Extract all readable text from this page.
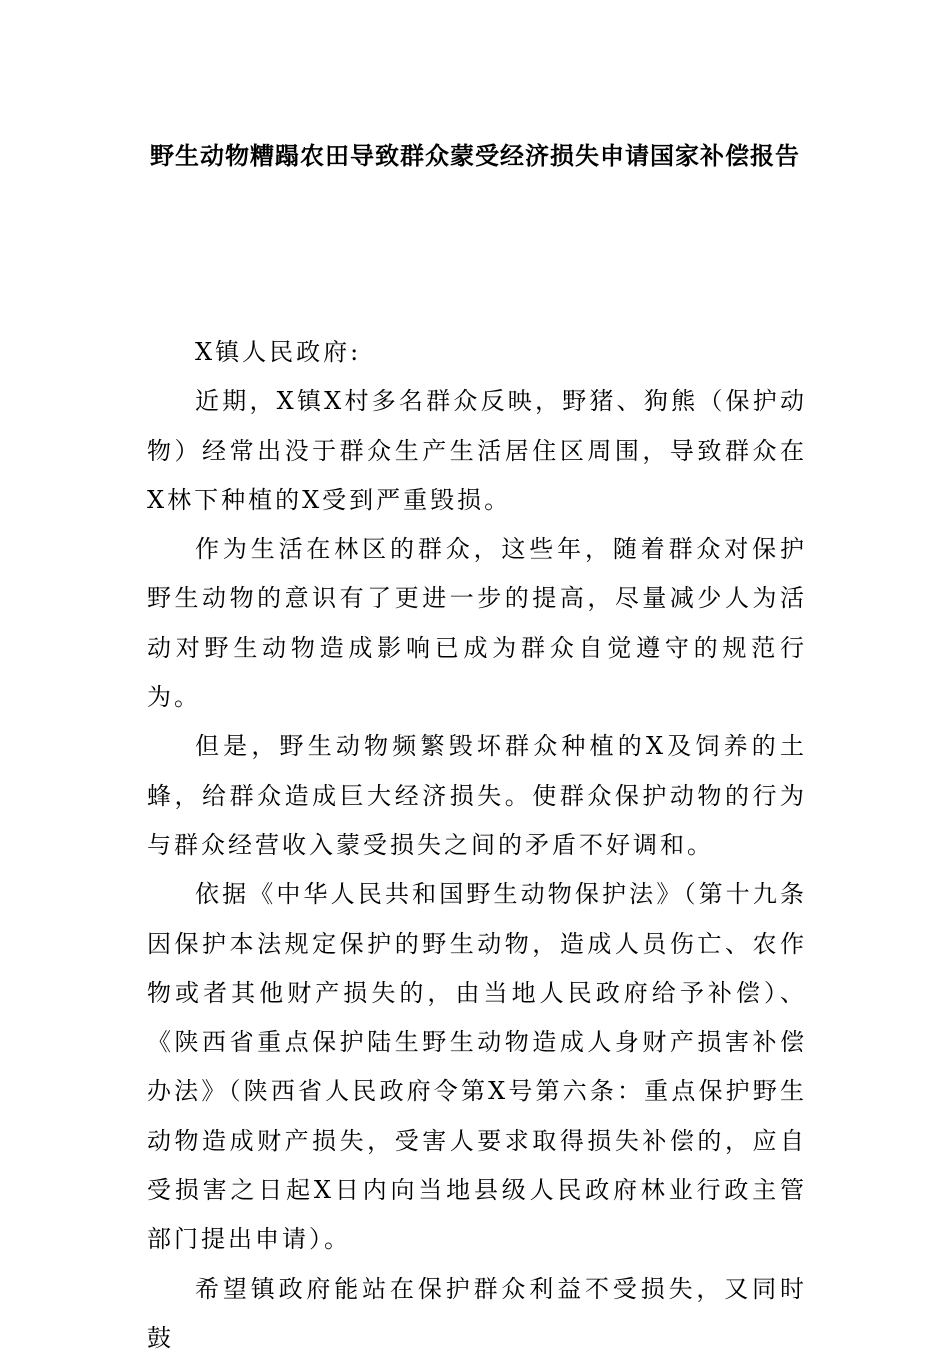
野生动物糟蹋农田导致群众蒙受经济损失申请国家补偿报告

X镇人民政府:

近期，X镇X村多名群众反映，野猪、狗熊（保护动物）经常出没于群众生产生活居住区周围，导致群众在X林下种植的X受到严重毁损。

作为生活在林区的群众，这些年，随着群众对保护野生动物的意识有了更进一步的提高，尽量减少人为活动对野生动物造成影响已成为群众自觉遵守的规范行为。

但是，野生动物频繁毁坏群众种植的X及饲养的土蜂，给群众造成巨大经济损失。使群众保护动物的行为与群众经营收入蒙受损失之间的矛盾不好调和。

依据《中华人民共和国野生动物保护法》（第十九条因保护本法规定保护的野生动物，造成人员伤亡、农作物或者其他财产损失的，由当地人民政府给予补偿）、《陕西省重点保护陆生野生动物造成人身财产损害补偿办法》（陕西省人民政府令第X号第六条：重点保护野生动物造成财产损失，受害人要求取得损失补偿的，应自受损害之日起X日内向当地县级人民政府林业行政主管部门提出申请）。

希望镇政府能站在保护群众利益不受损失，又同时鼓
